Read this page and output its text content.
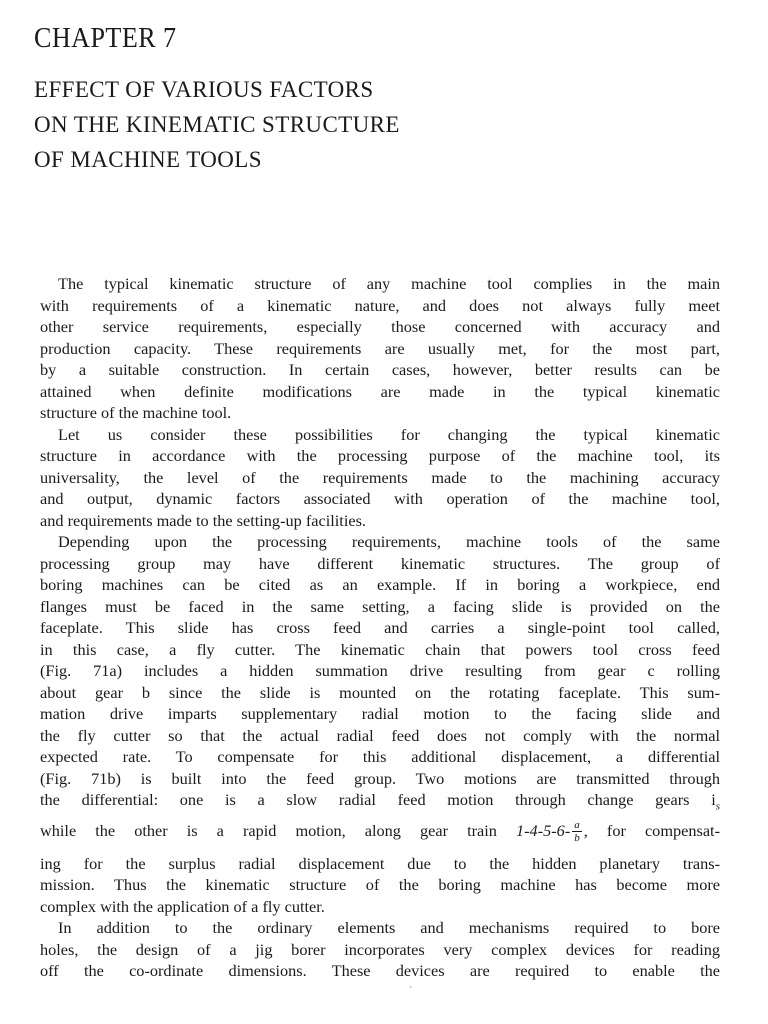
CHAPTER 7
EFFECT OF VARIOUS FACTORS
ON THE KINEMATIC STRUCTURE
OF MACHINE TOOLS
The typical kinematic structure of any machine tool complies in the main
with requirements of a kinematic nature, and does not always fully meet
other service requirements, especially those concerned with accuracy and
production capacity. These requirements are usually met, for the most part,
by a suitable construction. In certain cases, however, better results can be
attained when definite modifications are made in the typical kinematic
structure of the machine tool.
Let us consider these possibilities for changing the typical kinematic
structure in accordance with the processing purpose of the machine tool, its
universality, the level of the requirements made to the machining accuracy
and output, dynamic factors associated with operation of the machine tool,
and requirements made to the setting-up facilities.
Depending upon the processing requirements, machine tools of the same
processing group may have different kinematic structures. The group of
boring machines can be cited as an example. If in boring a workpiece, end
flanges must be faced in the same setting, a facing slide is provided on the
faceplate. This slide has cross feed and carries a single-point tool called,
in this case, a fly cutter. The kinematic chain that powers tool cross feed
(Fig. 71a) includes a hidden summation drive resulting from gear c rolling
about gear b since the slide is mounted on the rotating faceplate. This sum-
mation drive imparts supplementary radial motion to the facing slide and
the fly cutter so that the actual radial feed does not comply with the normal
expected rate. To compensate for this additional displacement, a differential
(Fig. 71b) is built into the feed group. Two motions are transmitted through
the differential: one is a slow radial feed motion through change gears $i_s$
while the other is a rapid motion, along gear train $1-4-5-6- \frac{a}{b}$ , for compensat-
ing for the surplus radial displacement due to the hidden planetary trans-
mission. Thus the kinematic structure of the boring machine has become more
complex with the application of a fly cutter.
In addition to the ordinary elements and mechanisms required to bore
holes, the design of a jig borer incorporates very complex devices for reading
off the co-ordinate dimensions. These devices are required to enable the
`
